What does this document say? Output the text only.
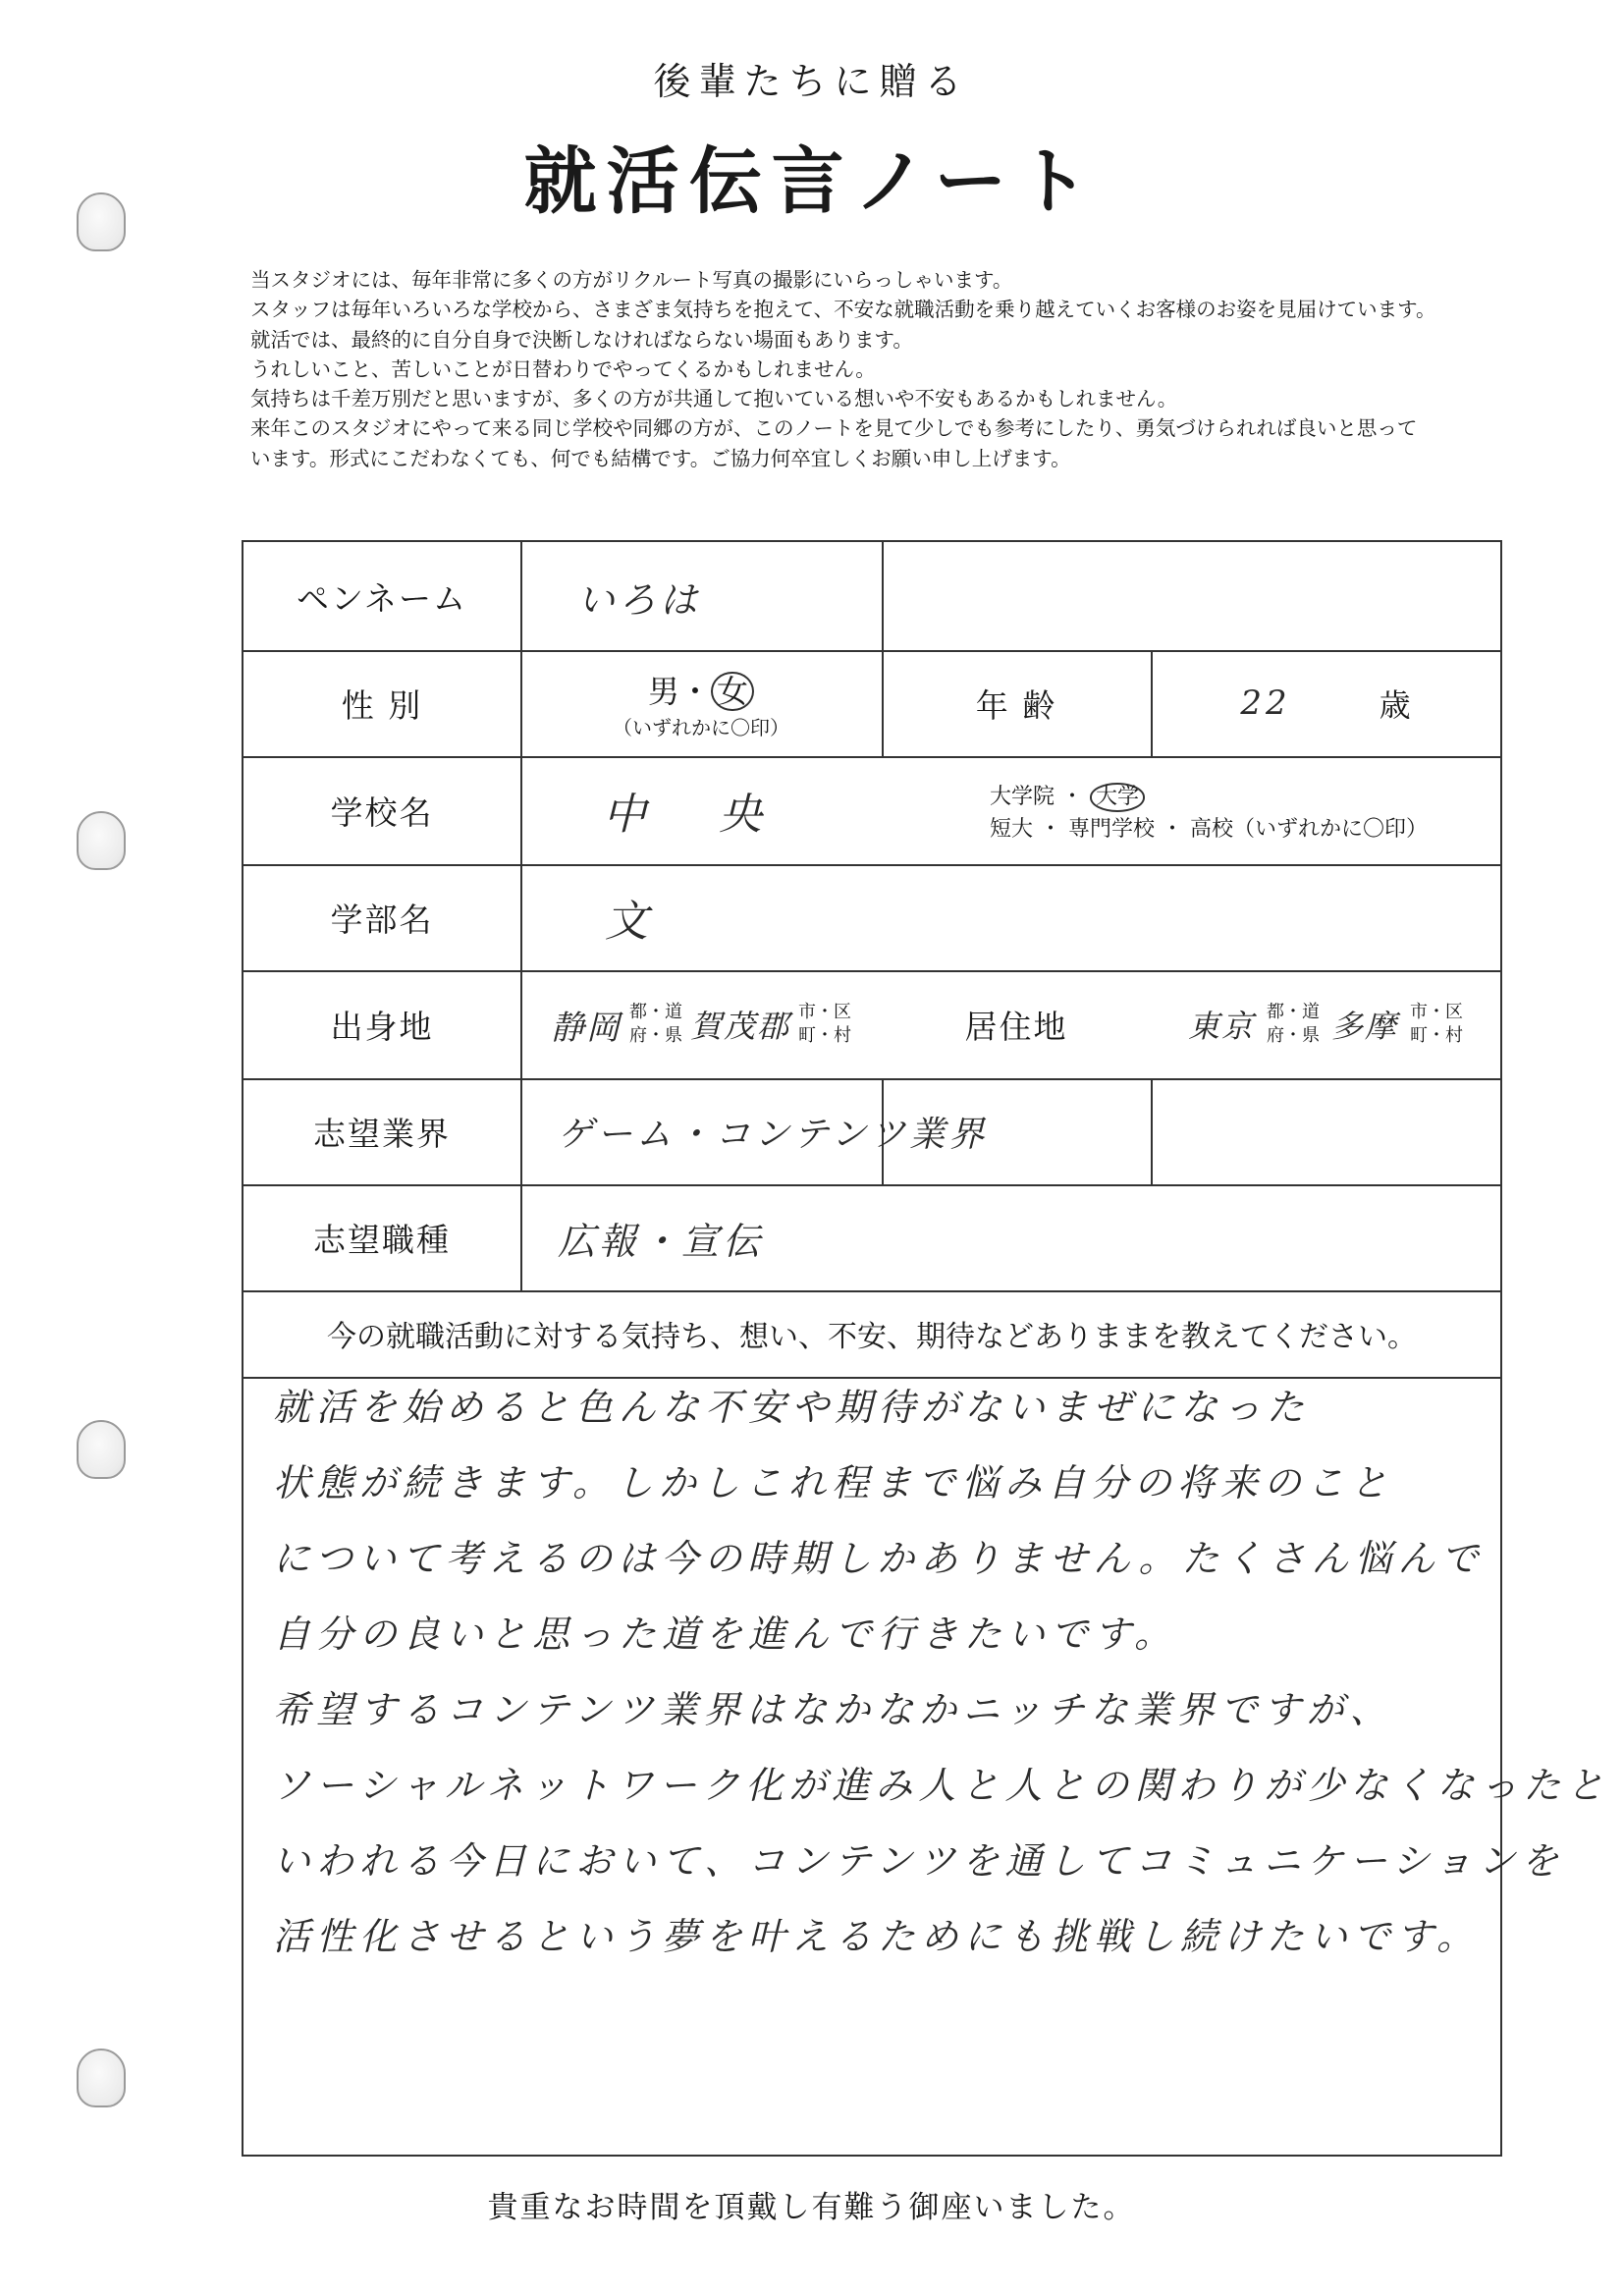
後輩たちに贈る
就活伝言ノート

当スタジオには、毎年非常に多くの方がリクルート写真の撮影にいらっしゃいます。

スタッフは毎年いろいろな学校から、さまざま気持ちを抱えて、不安な就職活動を乗り越えていくお客様のお姿を見届けています。

就活では、最終的に自分自身で決断しなければならない場面もあります。

うれしいこと、苦しいことが日替わりでやってくるかもしれません。

気持ちは千差万別だと思いますが、多くの方が共通して抱いている想いや不安もあるかもしれません。

来年このスタジオにやって来る同じ学校や同郷の方が、このノートを見て少しでも参考にしたり、勇気づけられれば良いと思って

います。形式にこだわなくても、何でも結構です。ご協力何卒宜しくお願い申し上げます。

ペンネーム	いろは
性 別	男・ 女
（いずれかに〇印）
年 齢	22	歳
学校名	中 央	大学院 ・ 大学
短大 ・ 専門学校 ・ 高校（いずれかに〇印）
学部名	文
出身地	静岡 都・道
府・県 賀茂郡 市・区
町・村	居住地	東京 都・道
府・県 多摩 市・区
町・村
志望業界	ゲーム・コンテンツ業界
志望職種	広報・宣伝
今の就職活動に対する気持ち、想い、不安、期待などありままを教えてください。
就活を始めると色んな不安や期待がないまぜになった
状態が続きます。しかしこれ程まで悩み自分の将来のこと
について考えるのは今の時期しかありません。たくさん悩んで
自分の良いと思った道を進んで行きたいです。
希望するコンテンツ業界はなかなかニッチな業界ですが、
ソーシャルネットワーク化が進み人と人との関わりが少なくなったと
いわれる今日において、コンテンツを通してコミュニケーションを
活性化させるという夢を叶えるためにも挑戦し続けたいです。
貴重なお時間を頂戴し有難う御座いました。
